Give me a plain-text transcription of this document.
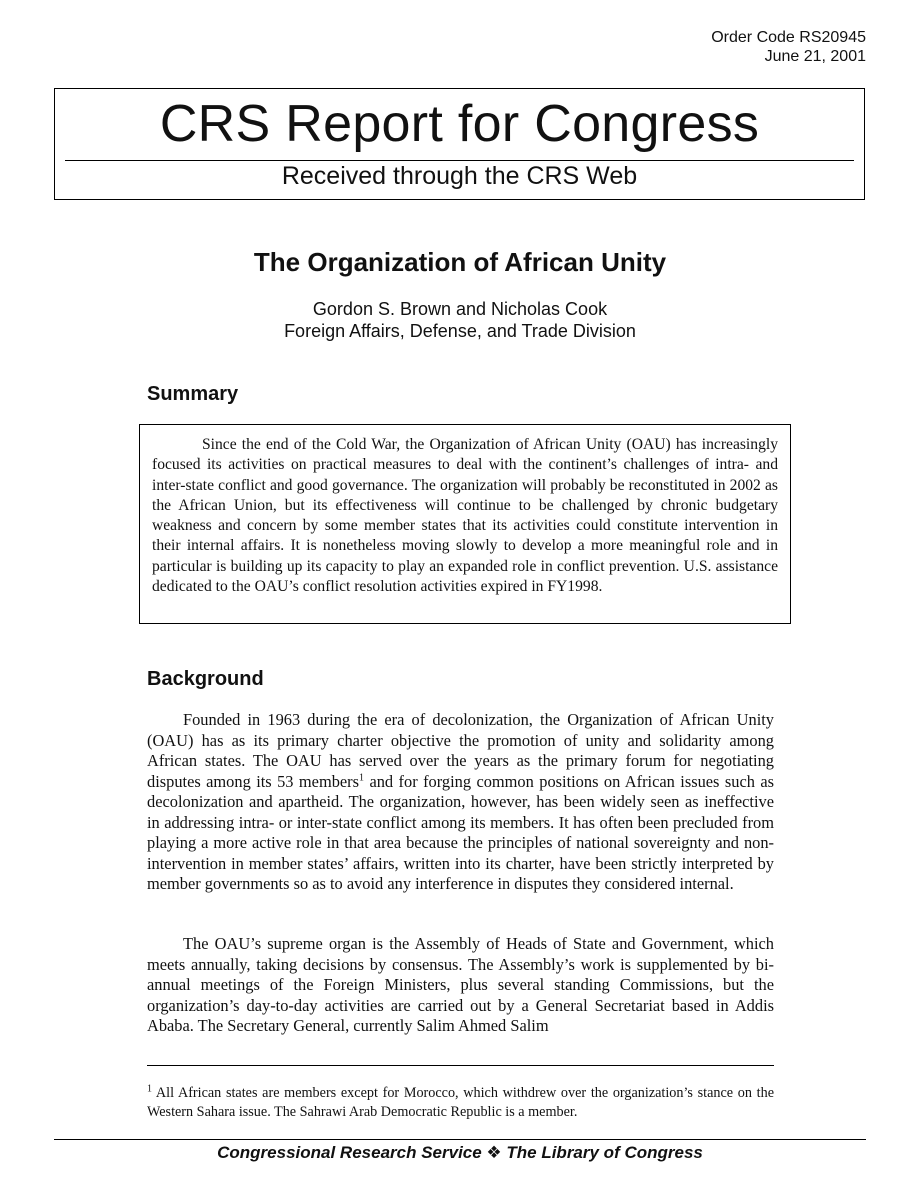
Order Code RS20945
June 21, 2001
CRS Report for Congress
Received through the CRS Web
The Organization of African Unity
Gordon S. Brown and Nicholas Cook
Foreign Affairs, Defense, and Trade Division
Summary

Since the end of the Cold War, the Organization of African Unity (OAU) has increasingly focused its activities on practical measures to deal with the continent’s challenges of intra- and inter-state conflict and good governance. The organization will probably be reconstituted in 2002 as the African Union, but its effectiveness will continue to be challenged by chronic budgetary weakness and concern by some member states that its activities could constitute intervention in their internal affairs. It is nonetheless moving slowly to develop a more meaningful role and in particular is building up its capacity to play an expanded role in conflict prevention. U.S. assistance dedicated to the OAU’s conflict resolution activities expired in FY1998.

Background

Founded in 1963 during the era of decolonization, the Organization of African Unity (OAU) has as its primary charter objective the promotion of unity and solidarity among African states. The OAU has served over the years as the primary forum for negotiating disputes among its 53 members$^1$ and for forging common positions on African issues such as decolonization and apartheid. The organization, however, has been widely seen as ineffective in addressing intra- or inter-state conflict among its members. It has often been precluded from playing a more active role in that area because the principles of national sovereignty and non-intervention in member states’ affairs, written into its charter, have been strictly interpreted by member governments so as to avoid any interference in disputes they considered internal.

The OAU’s supreme organ is the Assembly of Heads of State and Government, which meets annually, taking decisions by consensus. The Assembly’s work is supplemented by bi-annual meetings of the Foreign Ministers, plus several standing Commissions, but the organization’s day-to-day activities are carried out by a General Secretariat based in Addis Ababa. The Secretary General, currently Salim Ahmed Salim

$^1$ All African states are members except for Morocco, which withdrew over the organization’s stance on the Western Sahara issue. The Sahrawi Arab Democratic Republic is a member.
Congressional Research Service ❖ The Library of Congress
